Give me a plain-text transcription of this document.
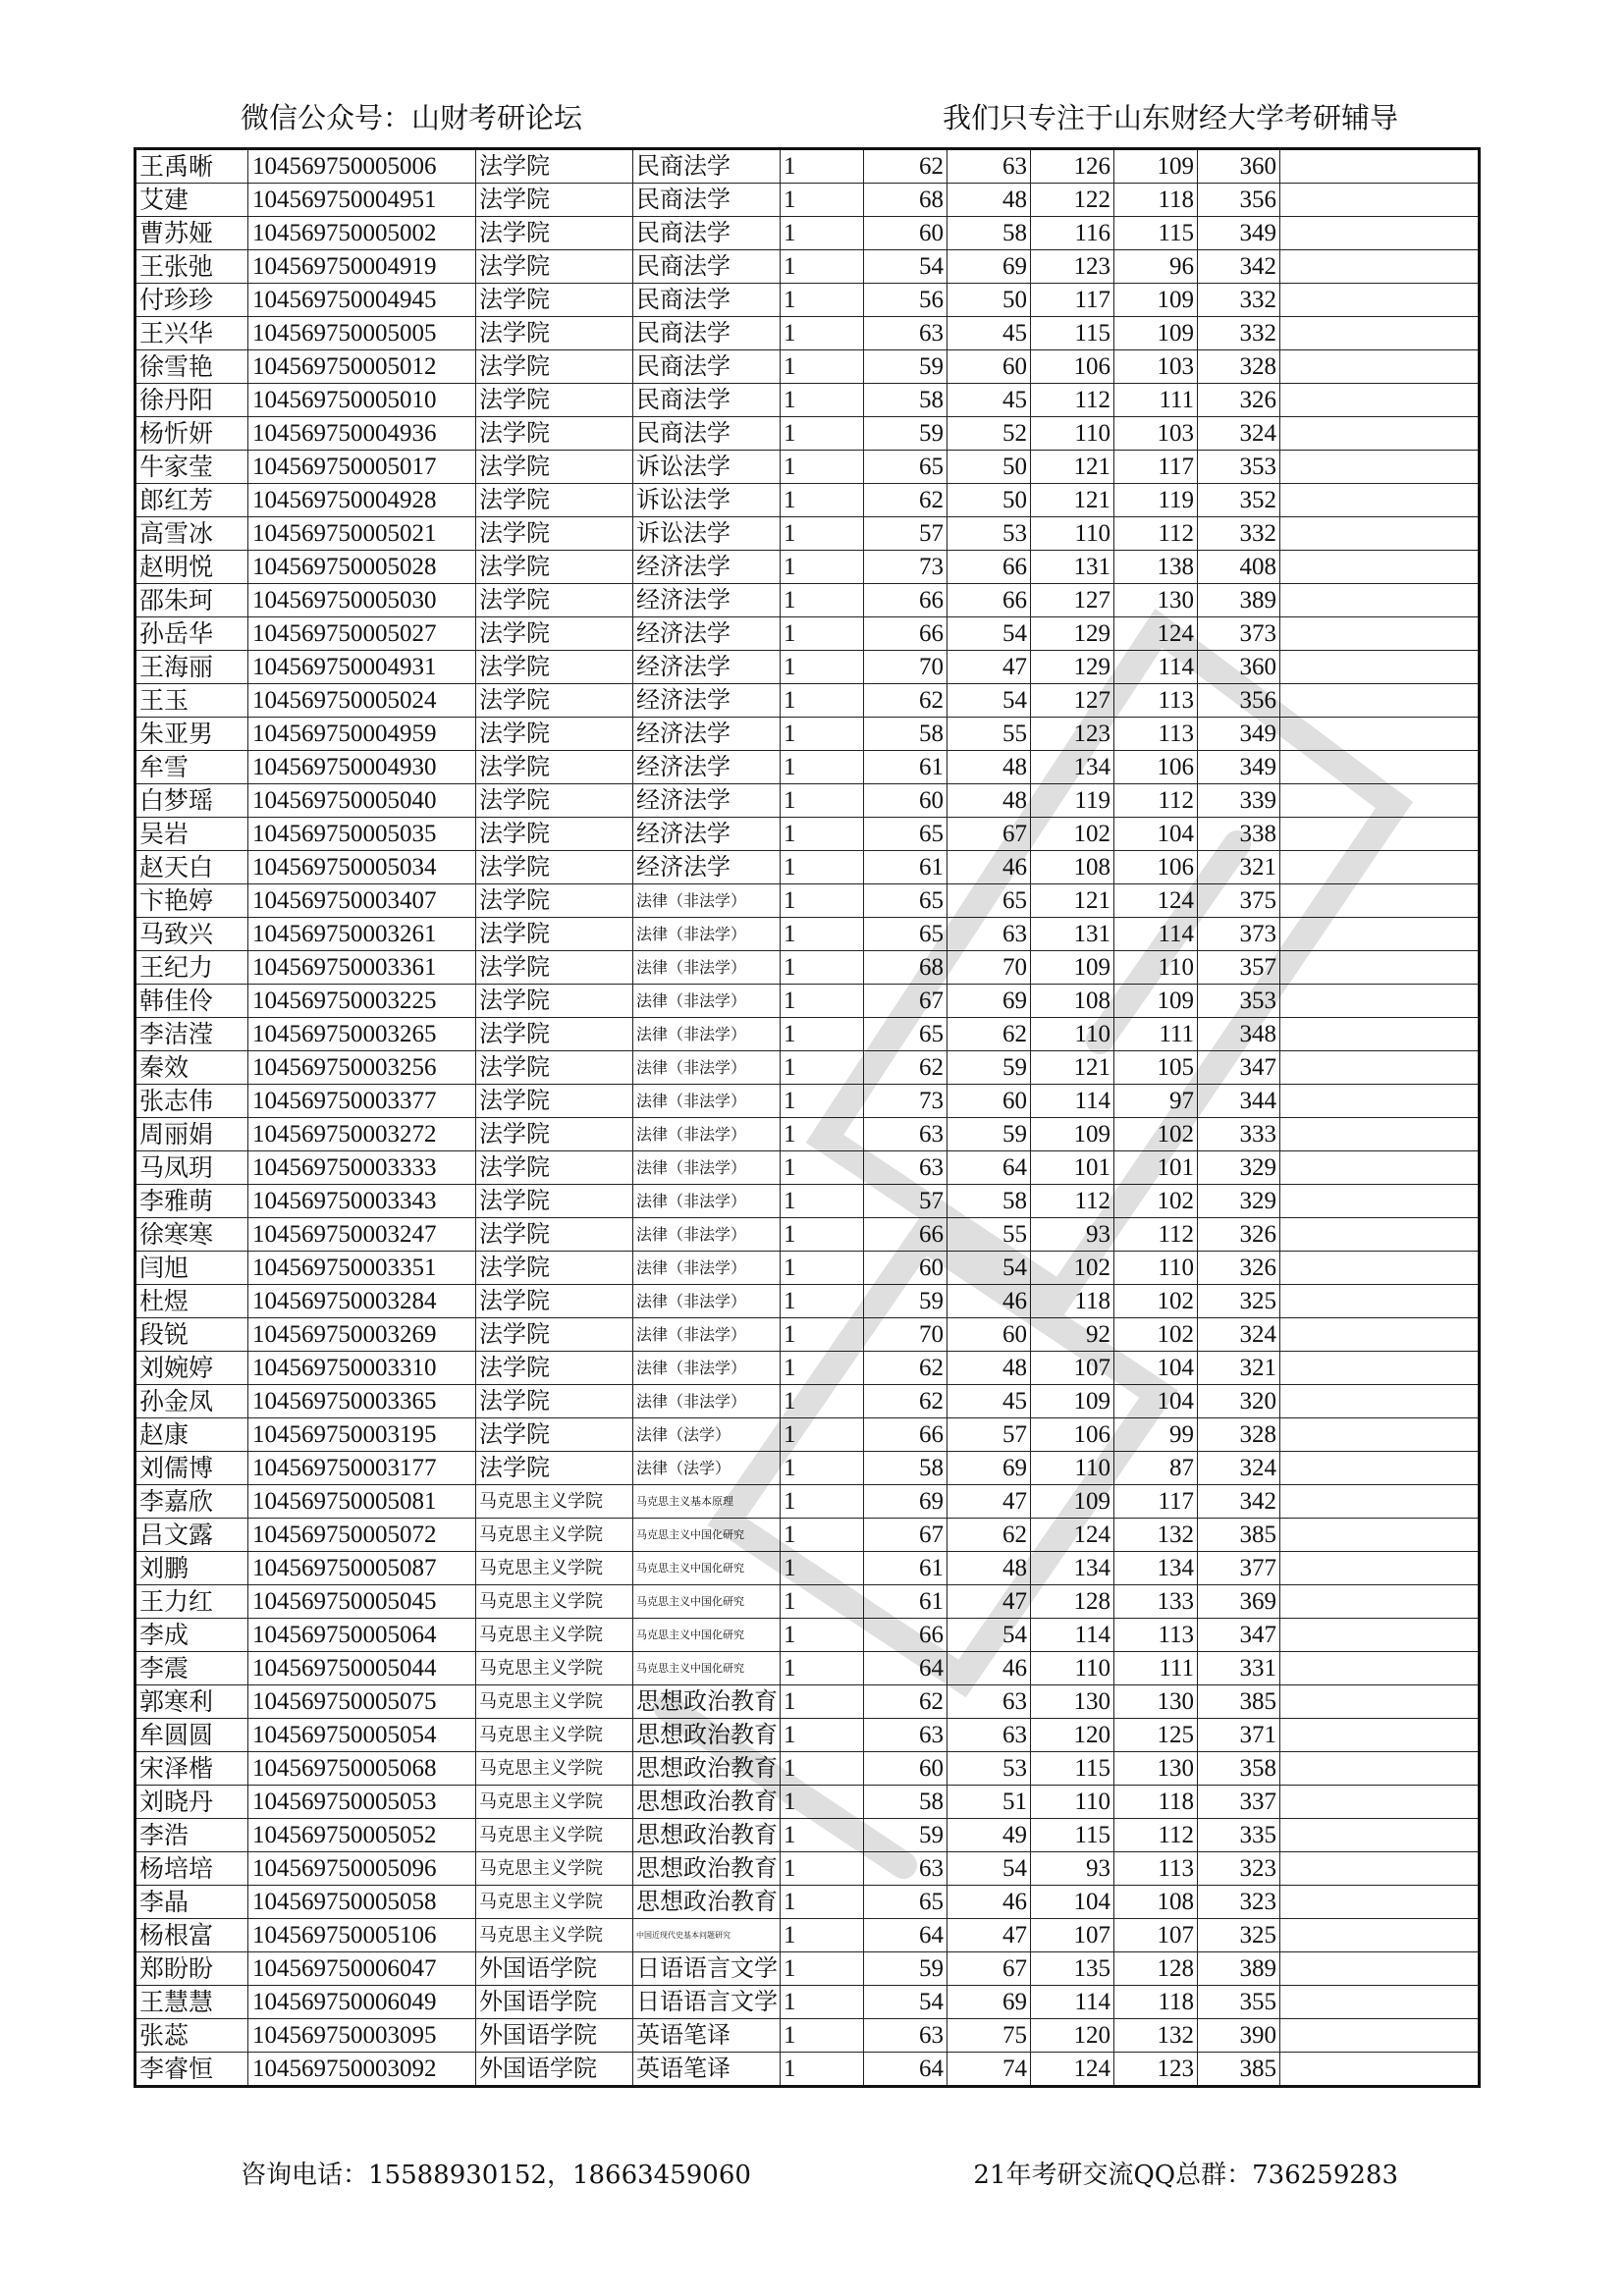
微信公众号：山财考研论坛	我们只专注于山东财经大学考研辅导
王禹晰	104569750005006	法学院	民商法学	1	62	63	126	109	360	
艾建	104569750004951	法学院	民商法学	1	68	48	122	118	356	
曹苏娅	104569750005002	法学院	民商法学	1	60	58	116	115	349	
王张弛	104569750004919	法学院	民商法学	1	54	69	123	96	342	
付珍珍	104569750004945	法学院	民商法学	1	56	50	117	109	332	
王兴华	104569750005005	法学院	民商法学	1	63	45	115	109	332	
徐雪艳	104569750005012	法学院	民商法学	1	59	60	106	103	328	
徐丹阳	104569750005010	法学院	民商法学	1	58	45	112	111	326	
杨忻妍	104569750004936	法学院	民商法学	1	59	52	110	103	324	
牛家莹	104569750005017	法学院	诉讼法学	1	65	50	121	117	353	
郎红芳	104569750004928	法学院	诉讼法学	1	62	50	121	119	352	
高雪冰	104569750005021	法学院	诉讼法学	1	57	53	110	112	332	
赵明悦	104569750005028	法学院	经济法学	1	73	66	131	138	408	
邵朱珂	104569750005030	法学院	经济法学	1	66	66	127	130	389	
孙岳华	104569750005027	法学院	经济法学	1	66	54	129	124	373	
王海丽	104569750004931	法学院	经济法学	1	70	47	129	114	360	
王玉	104569750005024	法学院	经济法学	1	62	54	127	113	356	
朱亚男	104569750004959	法学院	经济法学	1	58	55	123	113	349	
牟雪	104569750004930	法学院	经济法学	1	61	48	134	106	349	
白梦瑶	104569750005040	法学院	经济法学	1	60	48	119	112	339	
吴岩	104569750005035	法学院	经济法学	1	65	67	102	104	338	
赵天白	104569750005034	法学院	经济法学	1	61	46	108	106	321	
卞艳婷	104569750003407	法学院	法律（非法学）	1	65	65	121	124	375	
马致兴	104569750003261	法学院	法律（非法学）	1	65	63	131	114	373	
王纪力	104569750003361	法学院	法律（非法学）	1	68	70	109	110	357	
韩佳伶	104569750003225	法学院	法律（非法学）	1	67	69	108	109	353	
李洁滢	104569750003265	法学院	法律（非法学）	1	65	62	110	111	348	
秦效	104569750003256	法学院	法律（非法学）	1	62	59	121	105	347	
张志伟	104569750003377	法学院	法律（非法学）	1	73	60	114	97	344	
周丽娟	104569750003272	法学院	法律（非法学）	1	63	59	109	102	333	
马凤玥	104569750003333	法学院	法律（非法学）	1	63	64	101	101	329	
李雅萌	104569750003343	法学院	法律（非法学）	1	57	58	112	102	329	
徐寒寒	104569750003247	法学院	法律（非法学）	1	66	55	93	112	326	
闫旭	104569750003351	法学院	法律（非法学）	1	60	54	102	110	326	
杜煜	104569750003284	法学院	法律（非法学）	1	59	46	118	102	325	
段锐	104569750003269	法学院	法律（非法学）	1	70	60	92	102	324	
刘婉婷	104569750003310	法学院	法律（非法学）	1	62	48	107	104	321	
孙金凤	104569750003365	法学院	法律（非法学）	1	62	45	109	104	320	
赵康	104569750003195	法学院	法律（法学）	1	66	57	106	99	328	
刘儒博	104569750003177	法学院	法律（法学）	1	58	69	110	87	324	
李嘉欣	104569750005081	马克思主义学院	马克思主义基本原理	1	69	47	109	117	342	
吕文露	104569750005072	马克思主义学院	马克思主义中国化研究	1	67	62	124	132	385	
刘鹏	104569750005087	马克思主义学院	马克思主义中国化研究	1	61	48	134	134	377	
王力红	104569750005045	马克思主义学院	马克思主义中国化研究	1	61	47	128	133	369	
李成	104569750005064	马克思主义学院	马克思主义中国化研究	1	66	54	114	113	347	
李震	104569750005044	马克思主义学院	马克思主义中国化研究	1	64	46	110	111	331	
郭寒利	104569750005075	马克思主义学院	思想政治教育	1	62	63	130	130	385	
牟圆圆	104569750005054	马克思主义学院	思想政治教育	1	63	63	120	125	371	
宋泽楷	104569750005068	马克思主义学院	思想政治教育	1	60	53	115	130	358	
刘晓丹	104569750005053	马克思主义学院	思想政治教育	1	58	51	110	118	337	
李浩	104569750005052	马克思主义学院	思想政治教育	1	59	49	115	112	335	
杨培培	104569750005096	马克思主义学院	思想政治教育	1	63	54	93	113	323	
李晶	104569750005058	马克思主义学院	思想政治教育	1	65	46	104	108	323	
杨根富	104569750005106	马克思主义学院	中国近现代史基本问题研究	1	64	47	107	107	325	
郑盼盼	104569750006047	外国语学院	日语语言文学	1	59	67	135	128	389	
王慧慧	104569750006049	外国语学院	日语语言文学	1	54	69	114	118	355	
张蕊	104569750003095	外国语学院	英语笔译	1	63	75	120	132	390	
李睿恒	104569750003092	外国语学院	英语笔译	1	64	74	124	123	385	
咨询电话：15588930152，18663459060	21年考研交流QQ总群：736259283
